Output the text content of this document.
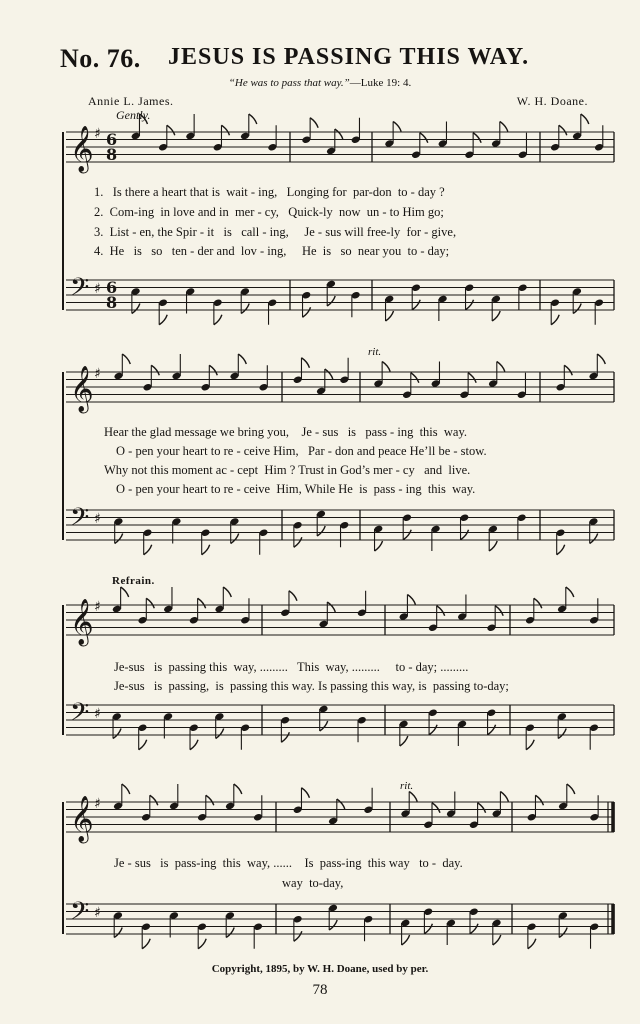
No. 76. JESUS IS PASSING THIS WAY.
“He was to pass that way.”—Luke 19: 4.
Annie L. James.	W. H. Doane.
Gently.
𝄞 ♯ 6
8
𝄢 ♯ 6
8
1.   Is there a heart that is  wait - ing,   Longing for  par-don  to - day ?
2.  Com-ing  in love and in  mer - cy,   Quick-ly  now  un - to Him go;
3.  List - en, the Spir - it   is   call - ing,     Je - sus will free-ly  for - give,
4.  He   is   so   ten - der and  lov - ing,     He  is   so  near you  to - day;
rit.
𝄞 ♯
𝄢 ♯
Hear the glad message we bring you,    Je - sus   is   pass - ing  this  way.
O - pen your heart to re - ceive Him,   Par - don and peace He’ll be - stow.
Why not this moment ac - cept  Him ? Trust in God’s mer - cy   and  live.
O - pen your heart to re - ceive  Him, While He  is  pass - ing  this  way.
Refrain.
𝄞 ♯
𝄢 ♯
Je-sus   is  passing this  way, .........   This  way, .........     to - day; .........
Je-sus   is  passing,  is  passing this way. Is passing this way, is  passing to-day;
rit.
𝄞 ♯
𝄢 ♯
Je - sus   is  pass-ing  this  way, ......    Is  pass-ing  this way   to -  day.
way  to-day,
Copyright, 1895, by W. H. Doane, used by per.
78
